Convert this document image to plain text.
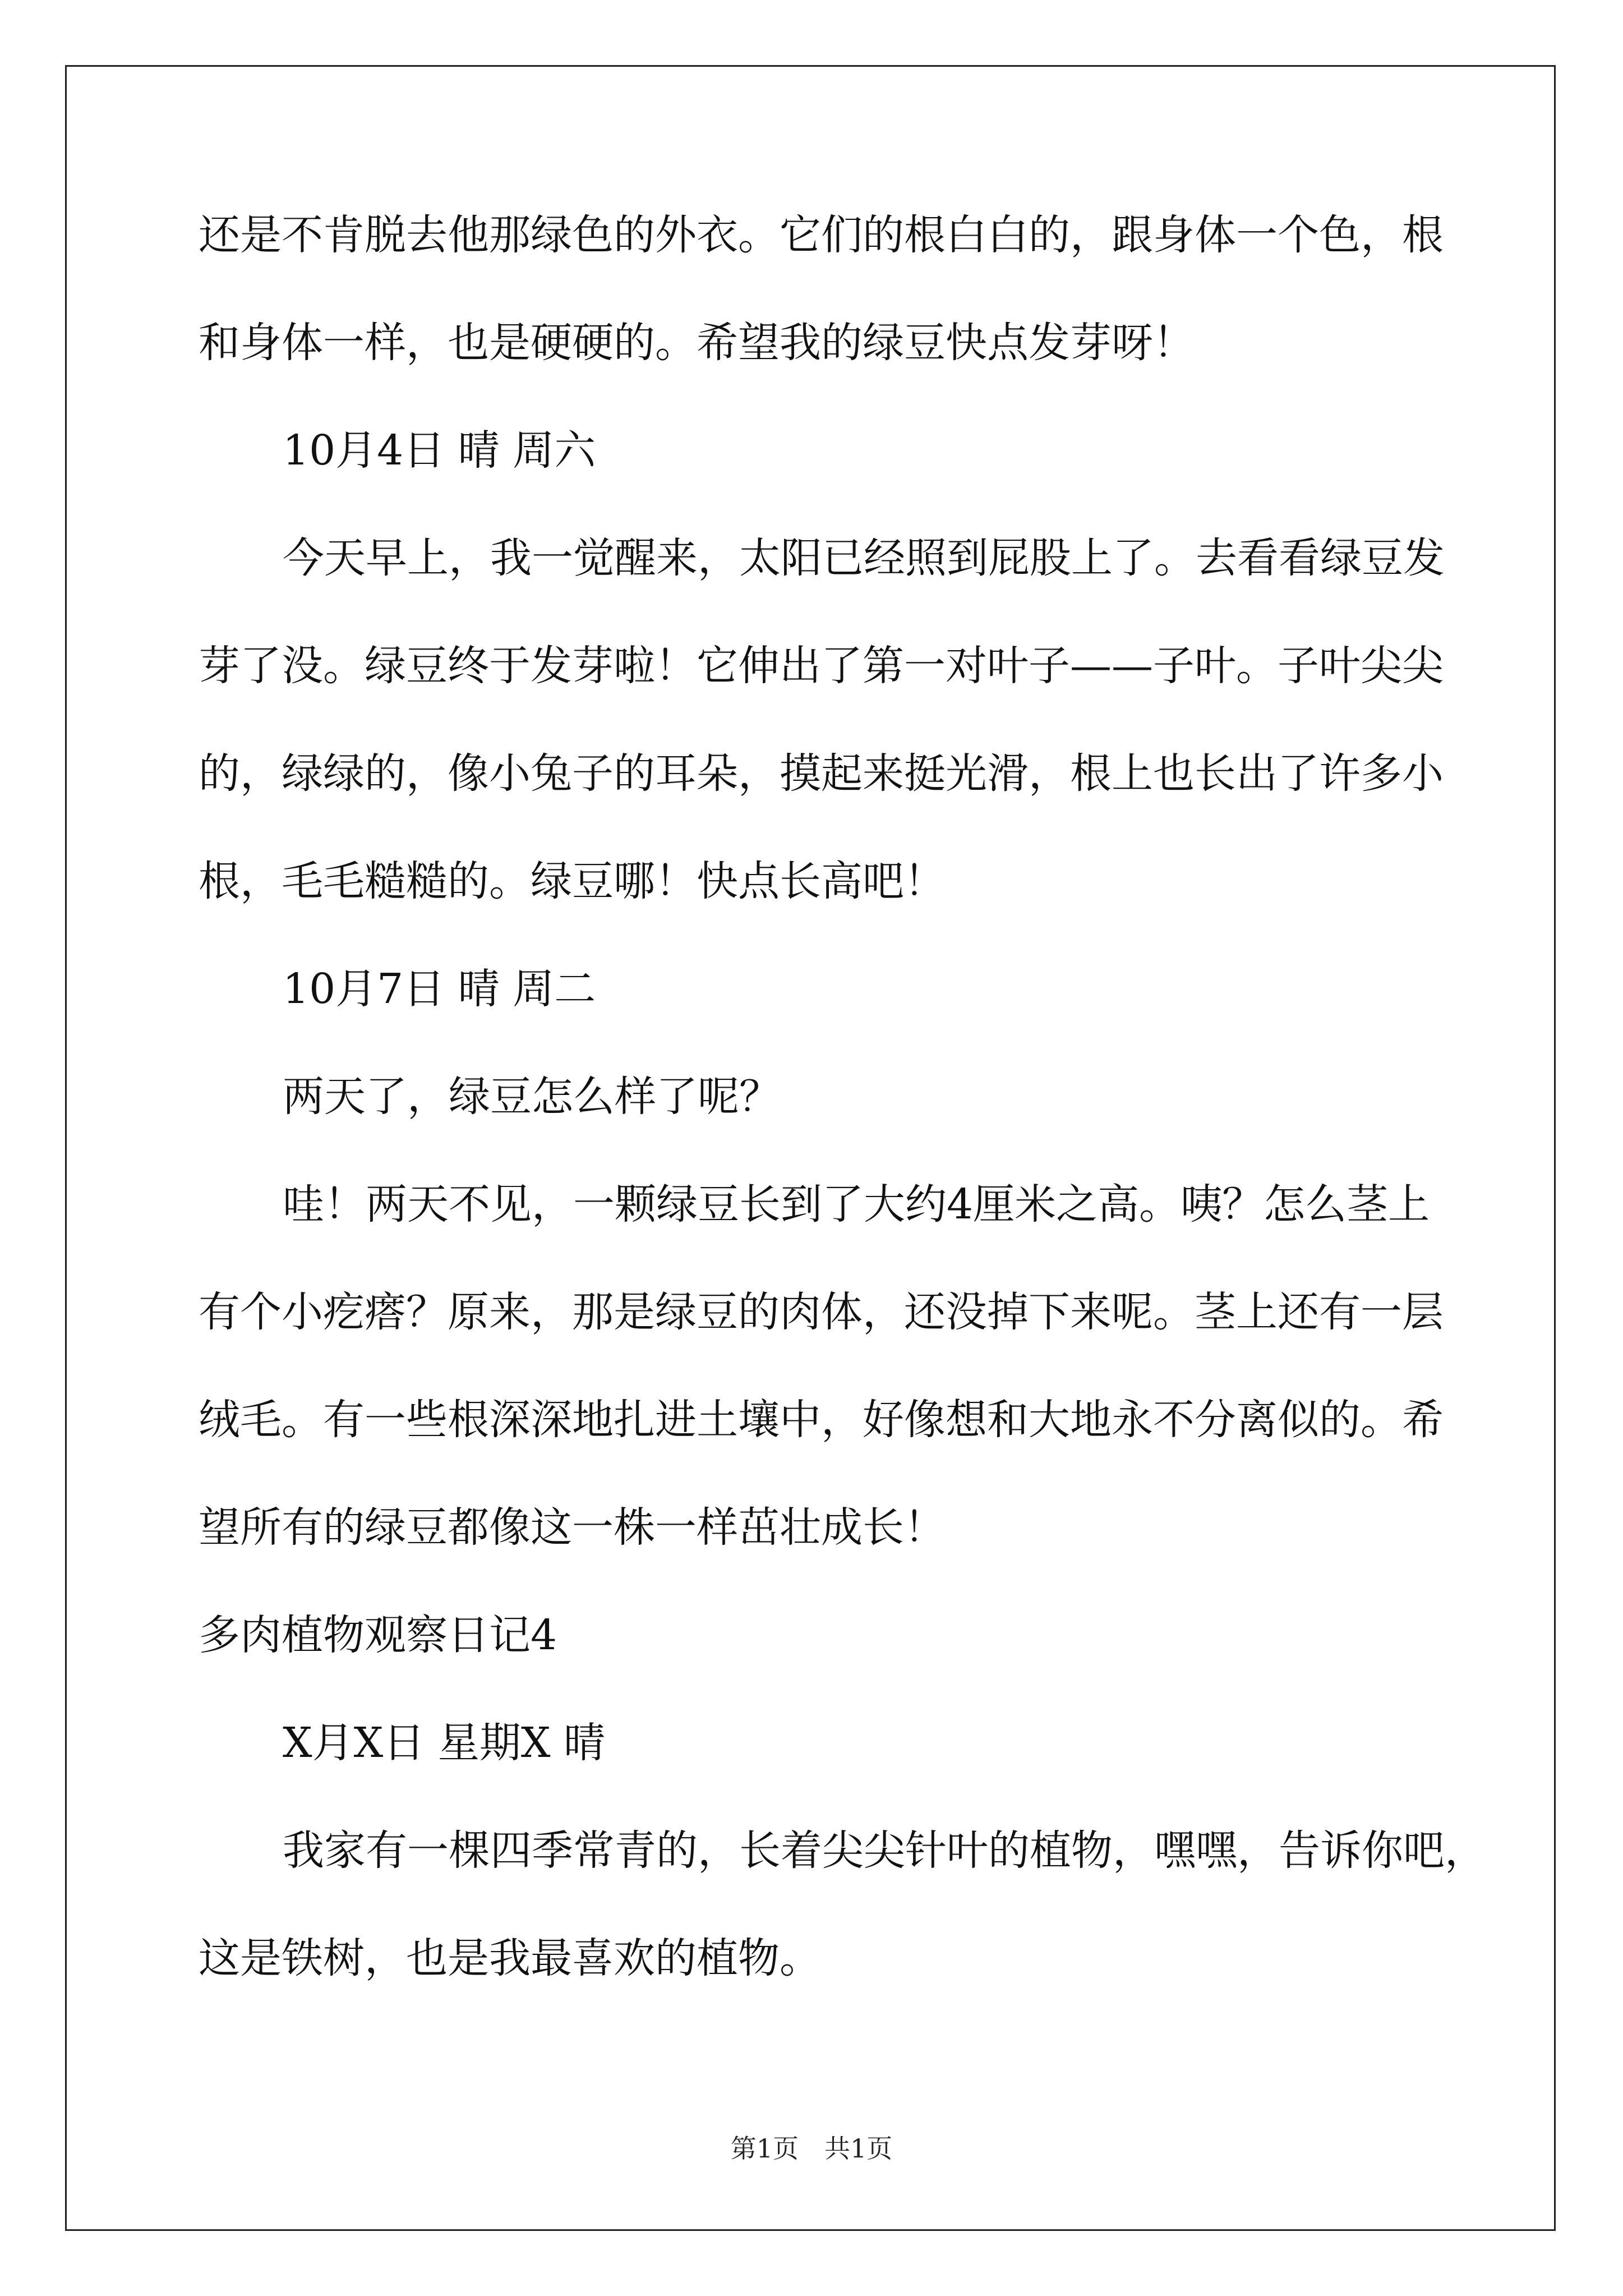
还是不肯脱去他那绿色的外衣。它们的根白白的，跟身体一个色，根
和身体一样，也是硬硬的。希望我的绿豆快点发芽呀！
10月4日 晴 周六
今天早上，我一觉醒来，太阳已经照到屁股上了。去看看绿豆发
芽了没。绿豆终于发芽啦！它伸出了第一对叶子——子叶。子叶尖尖
的，绿绿的，像小兔子的耳朵，摸起来挺光滑，根上也长出了许多小
根，毛毛糙糙的。绿豆哪！快点长高吧！
10月7日 晴 周二
两天了，绿豆怎么样了呢？
哇！两天不见，一颗绿豆长到了大约4厘米之高。咦？怎么茎上
有个小疙瘩？原来，那是绿豆的肉体，还没掉下来呢。茎上还有一层
绒毛。有一些根深深地扎进土壤中，好像想和大地永不分离似的。希
望所有的绿豆都像这一株一样茁壮成长！
多肉植物观察日记4
X月X日 星期X 晴
我家有一棵四季常青的，长着尖尖针叶的植物，嘿嘿，告诉你吧，
这是铁树，也是我最喜欢的植物。
第1页　共1页
